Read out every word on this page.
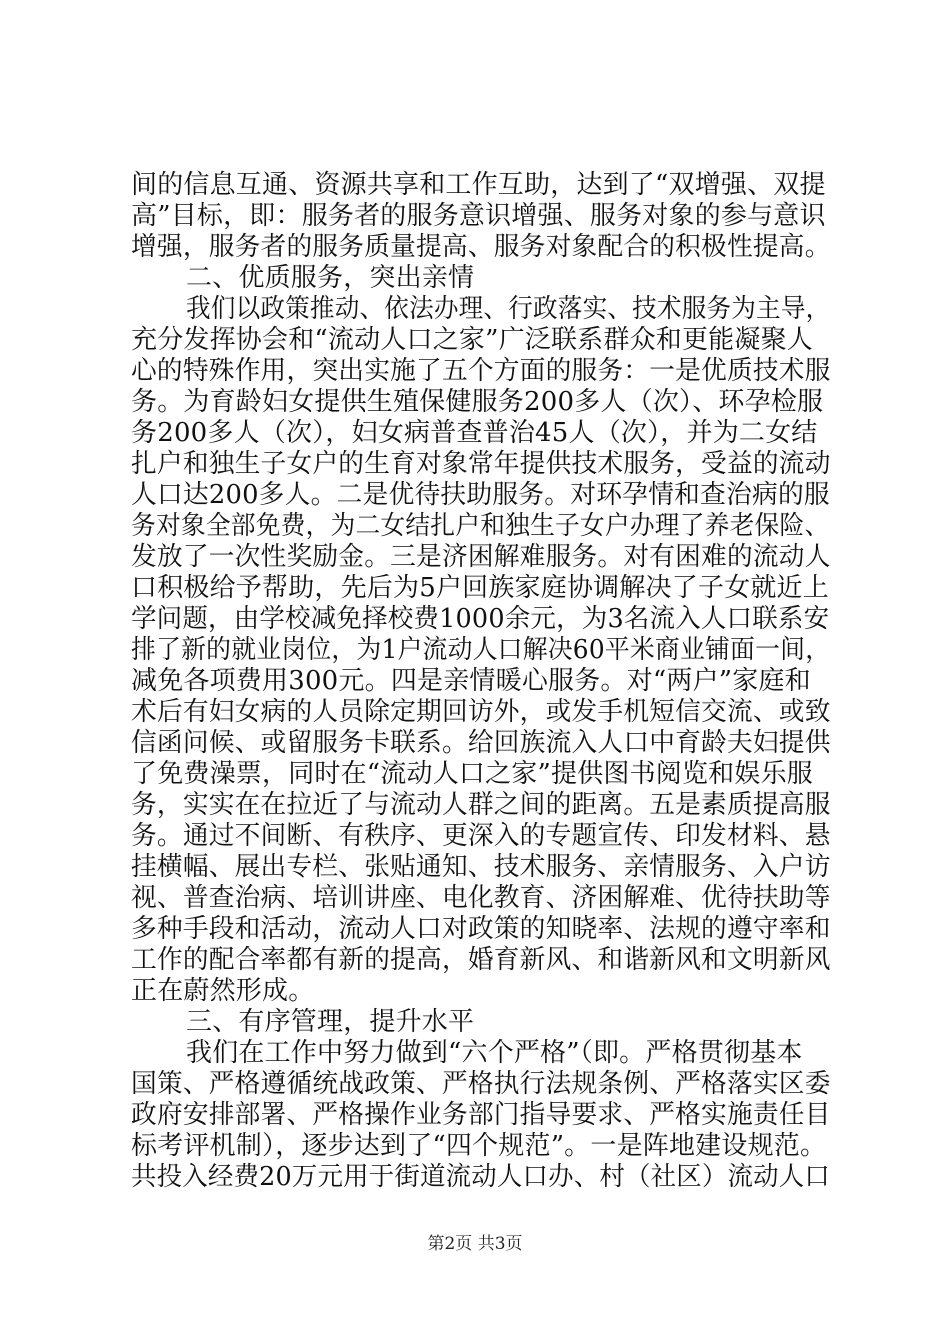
间的信息互通、资源共享和工作互助，达到了“双增强、双提
高”目标，即：服务者的服务意识增强、服务对象的参与意识
增强，服务者的服务质量提高、服务对象配合的积极性提高。
二、优质服务，突出亲情
我们以政策推动、依法办理、行政落实、技术服务为主导，
充分发挥协会和“流动人口之家”广泛联系群众和更能凝聚人
心的特殊作用，突出实施了五个方面的服务：一是优质技术服
务。为育龄妇女提供生殖保健服务200多人（次）、环孕检服
务200多人（次），妇女病普查普治45人（次），并为二女结
扎户和独生子女户的生育对象常年提供技术服务，受益的流动
人口达200多人。二是优待扶助服务。对环孕情和查治病的服
务对象全部免费，为二女结扎户和独生子女户办理了养老保险、
发放了一次性奖励金。三是济困解难服务。对有困难的流动人
口积极给予帮助，先后为5户回族家庭协调解决了子女就近上
学问题，由学校减免择校费1000余元，为3名流入人口联系安
排了新的就业岗位，为1户流动人口解决60平米商业铺面一间，
减免各项费用300元。四是亲情暖心服务。对“两户”家庭和
术后有妇女病的人员除定期回访外，或发手机短信交流、或致
信函问候、或留服务卡联系。给回族流入人口中育龄夫妇提供
了免费澡票，同时在“流动人口之家”提供图书阅览和娱乐服
务，实实在在拉近了与流动人群之间的距离。五是素质提高服
务。通过不间断、有秩序、更深入的专题宣传、印发材料、悬
挂横幅、展出专栏、张贴通知、技术服务、亲情服务、入户访
视、普查治病、培训讲座、电化教育、济困解难、优待扶助等
多种手段和活动，流动人口对政策的知晓率、法规的遵守率和
工作的配合率都有新的提高，婚育新风、和谐新风和文明新风
正在蔚然形成。
三、有序管理，提升水平
我们在工作中努力做到“六个严格”（即。严格贯彻基本
国策、严格遵循统战政策、严格执行法规条例、严格落实区委
政府安排部署、严格操作业务部门指导要求、严格实施责任目
标考评机制），逐步达到了“四个规范”。一是阵地建设规范。
共投入经费20万元用于街道流动人口办、村（社区）流动人口
第2页 共3页
